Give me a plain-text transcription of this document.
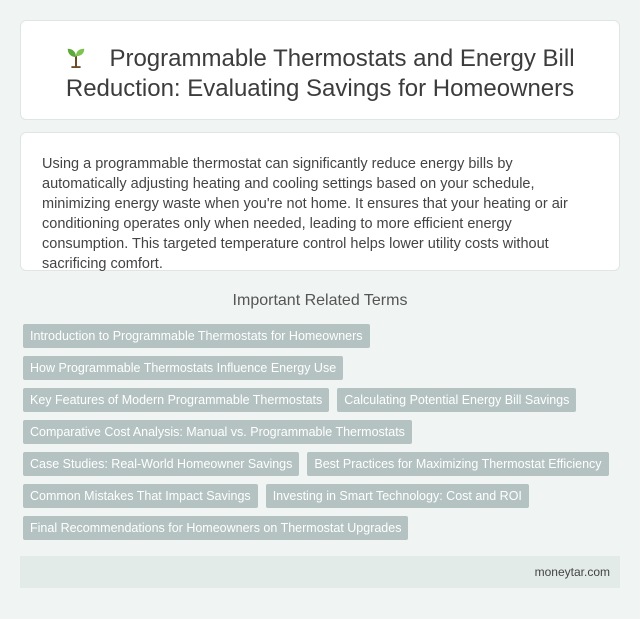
Programmable Thermostats and Energy Bill Reduction: Evaluating Savings for Homeowners

Using a programmable thermostat can significantly reduce energy bills by automatically adjusting heating and cooling settings based on your schedule, minimizing energy waste when you're not home. It ensures that your heating or air conditioning operates only when needed, leading to more efficient energy consumption. This targeted temperature control helps lower utility costs without sacrificing comfort.

Important Related Terms
Introduction to Programmable Thermostats for Homeowners
How Programmable Thermostats Influence Energy Use
Key Features of Modern Programmable Thermostats	Calculating Potential Energy Bill Savings
Comparative Cost Analysis: Manual vs. Programmable Thermostats
Case Studies: Real-World Homeowner Savings	Best Practices for Maximizing Thermostat Efficiency
Common Mistakes That Impact Savings	Investing in Smart Technology: Cost and ROI
Final Recommendations for Homeowners on Thermostat Upgrades
moneytar.com
